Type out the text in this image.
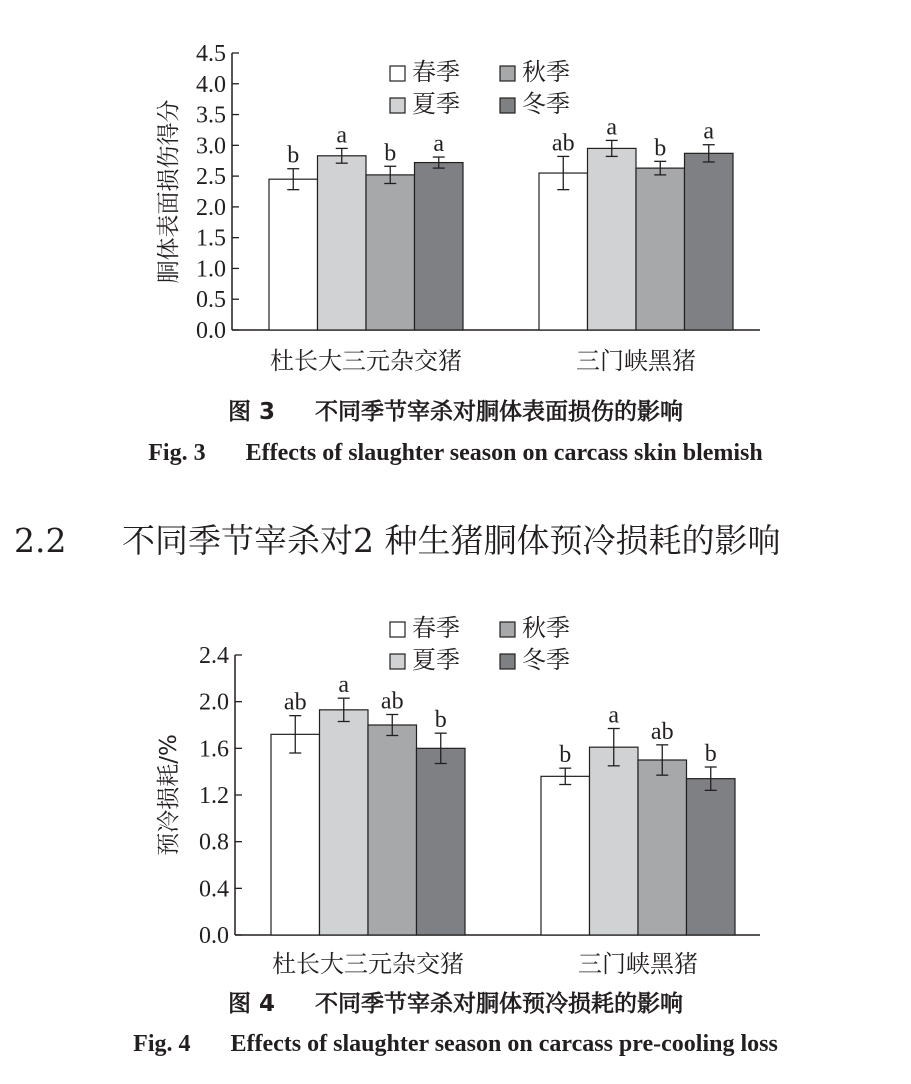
0.0
0.5
1.0
1.5
2.0
2.5
3.0
3.5
4.0
4.5
胴体表面损伤得分	b
a
b a
杜长大三元杂交猪
ab
a
b
a
三门峡黑猪
春季
夏季
秋季
冬季
图 3 不同季节宰杀对胴体表面损伤的影响
Fig. 3 Effects of slaughter season on carcass skin blemish
2.2 不同季节宰杀对2 种生猪胴体预冷损耗的影响
0.0
0.4
0.8
1.2
1.6
2.0
2.4
预冷损耗/%
ab
a
ab
b
杜长大三元杂交猪
b
a
ab
b
三门峡黑猪
春季
夏季
秋季
冬季
图 4 不同季节宰杀对胴体预冷损耗的影响
Fig. 4 Effects of slaughter season on carcass pre-cooling loss
